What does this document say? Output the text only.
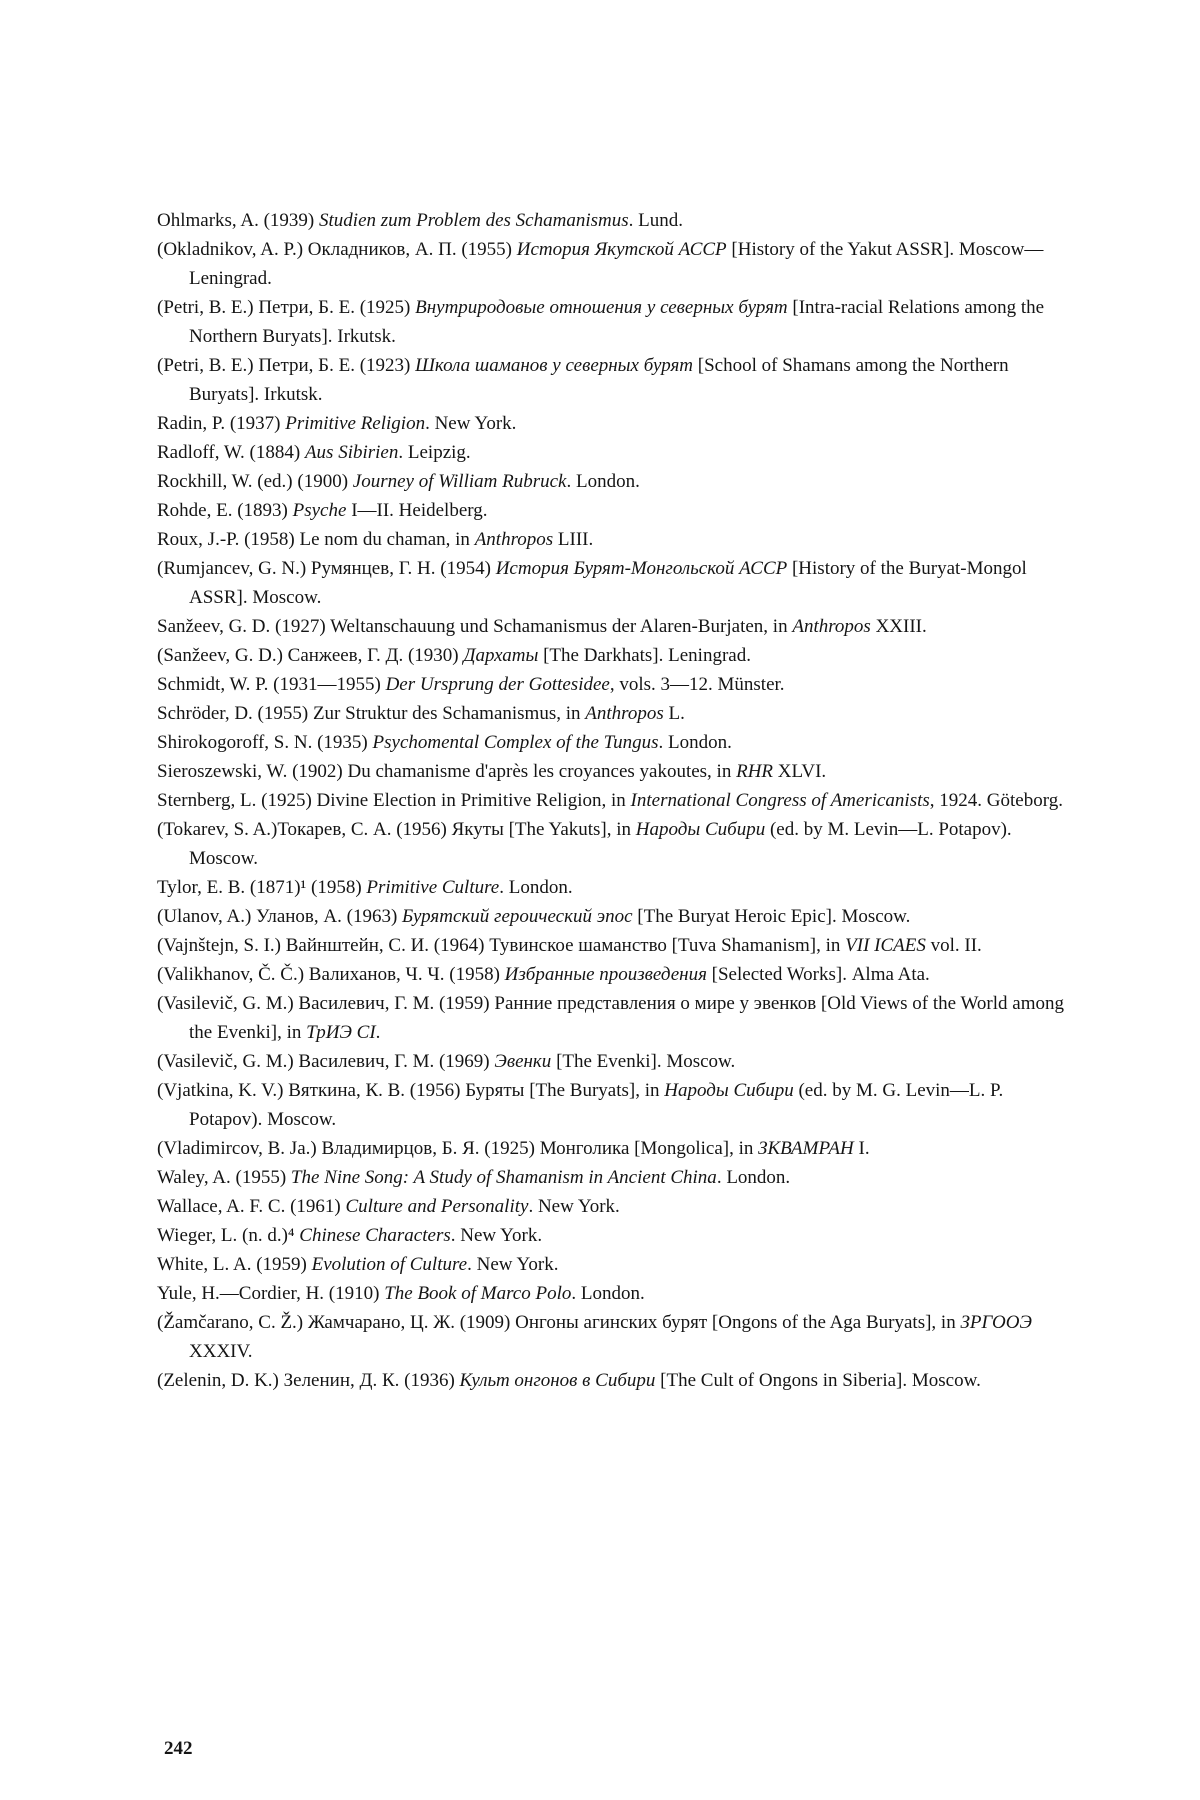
Ohlmarks, A. (1939) Studien zum Problem des Schamanismus. Lund.
(Okladnikov, A. P.) Окладников, А. П. (1955) История Якутской АССР [History of the Yakut ASSR]. Moscow—Leningrad.
(Petri, B. E.) Петри, Б. Е. (1925) Внутриродовые отношения у северных бурят [Intra-racial Relations among the Northern Buryats]. Irkutsk.
(Petri, B. E.) Петри, Б. Е. (1923) Школа шаманов у северных бурят [School of Shamans among the Northern Buryats]. Irkutsk.
Radin, P. (1937) Primitive Religion. New York.
Radloff, W. (1884) Aus Sibirien. Leipzig.
Rockhill, W. (ed.) (1900) Journey of William Rubruck. London.
Rohde, E. (1893) Psyche I—II. Heidelberg.
Roux, J.-P. (1958) Le nom du chaman, in Anthropos LIII.
(Rumjancev, G. N.) Румянцев, Г. Н. (1954) История Бурят-Монгольской АССР [History of the Buryat-Mongol ASSR]. Moscow.
Sanžeev, G. D. (1927) Weltanschauung und Schamanismus der Alaren-Burjaten, in Anthropos XXIII.
(Sanžeev, G. D.) Санжеев, Г. Д. (1930) Дархаты [The Darkhats]. Leningrad.
Schmidt, W. P. (1931—1955) Der Ursprung der Gottesidee, vols. 3—12. Münster.
Schröder, D. (1955) Zur Struktur des Schamanismus, in Anthropos L.
Shirokogoroff, S. N. (1935) Psychomental Complex of the Tungus. London.
Sieroszewski, W. (1902) Du chamanisme d'après les croyances yakoutes, in RHR XLVI.
Sternberg, L. (1925) Divine Election in Primitive Religion, in International Congress of Americanists, 1924. Göteborg.
(Tokarev, S. A.)Токарев, С. А. (1956) Якуты [The Yakuts], in Народы Сибири (ed. by M. Levin—L. Potapov). Moscow.
Tylor, E. B. (1871)¹ (1958) Primitive Culture. London.
(Ulanov, A.) Уланов, А. (1963) Бурятский героический эпос [The Buryat Heroic Epic]. Moscow.
(Vajnštejn, S. I.) Вайнштейн, С. И. (1964) Тувинское шаманство [Tuva Shamanism], in VII ICAES vol. II.
(Valikhanov, Č. Č.) Валиханов, Ч. Ч. (1958) Избранные произведения [Selected Works]. Alma Ata.
(Vasilevič, G. M.) Василевич, Г. М. (1959) Ранние представления о мире у эвенков [Old Views of the World among the Evenki], in ТрИЭ CI.
(Vasilevič, G. M.) Василевич, Г. М. (1969) Эвенки [The Evenki]. Moscow.
(Vjatkina, K. V.) Вяткина, К. В. (1956) Буряты [The Buryats], in Народы Сибири (ed. by M. G. Levin—L. P. Potapov). Moscow.
(Vladimircov, B. Ja.) Владимирцов, Б. Я. (1925) Монголика [Mongolica], in ЗКВАМРАН I.
Waley, A. (1955) The Nine Song: A Study of Shamanism in Ancient China. London.
Wallace, A. F. C. (1961) Culture and Personality. New York.
Wieger, L. (n. d.)⁴ Chinese Characters. New York.
White, L. A. (1959) Evolution of Culture. New York.
Yule, H.—Cordier, H. (1910) The Book of Marco Polo. London.
(Žamčarano, C. Ž.) Жамчарано, Ц. Ж. (1909) Онгоны агинских бурят [Ongons of the Aga Buryats], in ЗРГООЭ XXXIV.
(Zelenin, D. K.) Зеленин, Д. К. (1936) Культ онгонов в Сибири [The Cult of Ongons in Siberia]. Moscow.
242
